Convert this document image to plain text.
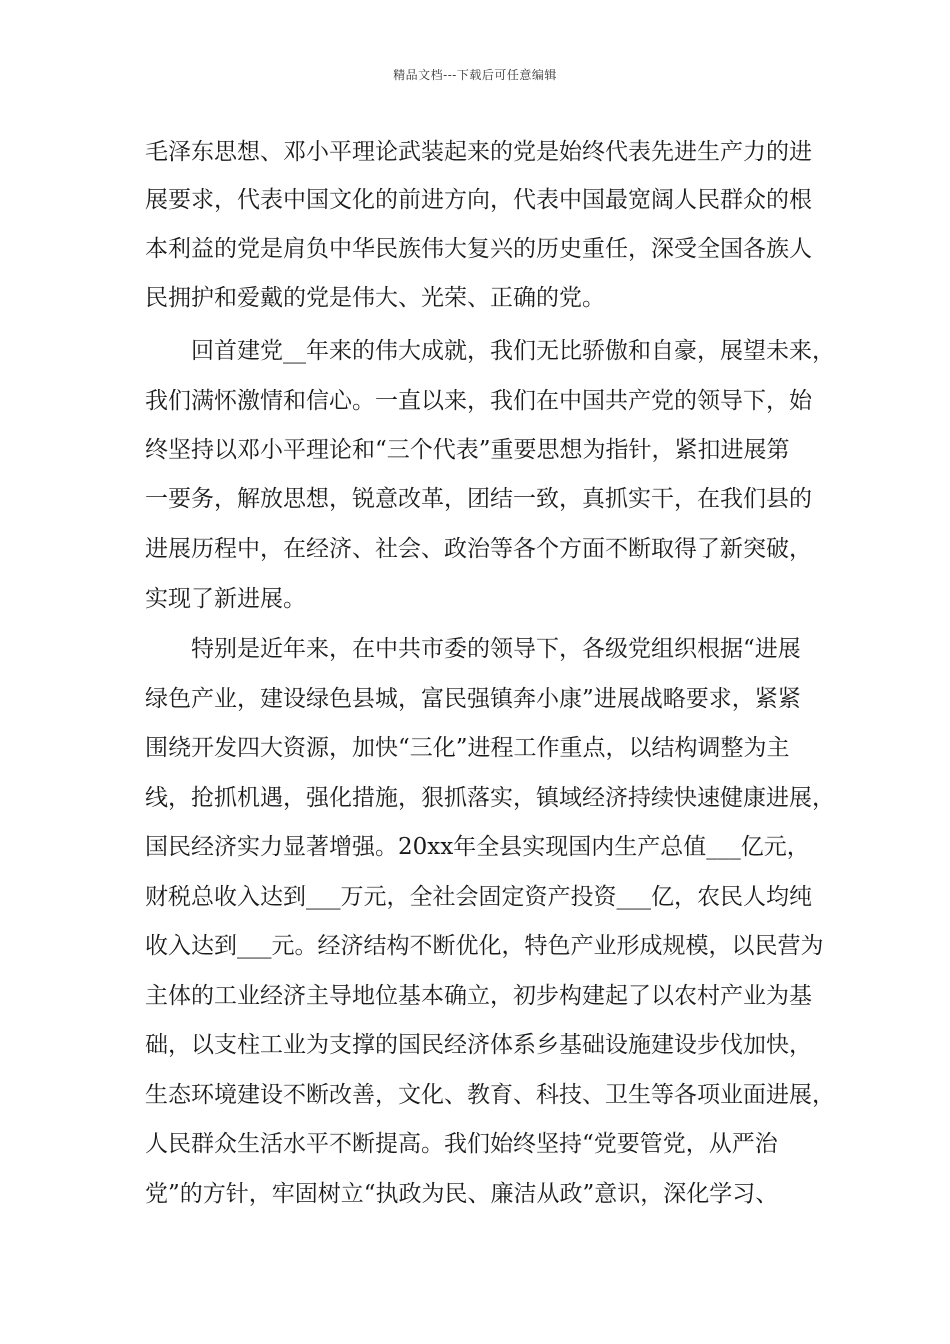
精品文档---下载后可任意编辑
毛泽东思想、邓小平理论武装起来的党是始终代表先进生产力的进
展要求，代表中国文化的前进方向，代表中国最宽阔人民群众的根
本利益的党是肩负中华民族伟大复兴的历史重任，深受全国各族人
民拥护和爱戴的党是伟大、光荣、正确的党。
回首建党__年来的伟大成就，我们无比骄傲和自豪，展望未来，
我们满怀激情和信心。一直以来，我们在中国共产党的领导下，始
终坚持以邓小平理论和“三个代表”重要思想为指针，紧扣进展第
一要务，解放思想，锐意改革，团结一致，真抓实干，在我们县的
进展历程中，在经济、社会、政治等各个方面不断取得了新突破，
实现了新进展。
特别是近年来，在中共市委的领导下，各级党组织根据“进展
绿色产业，建设绿色县城，富民强镇奔小康”进展战略要求，紧紧
围绕开发四大资源，加快“三化”进程工作重点，以结构调整为主
线，抢抓机遇，强化措施，狠抓落实，镇域经济持续快速健康进展，
国民经济实力显著增强。20xx年全县实现国内生产总值___亿元，
财税总收入达到___万元，全社会固定资产投资___亿，农民人均纯
收入达到___元。经济结构不断优化，特色产业形成规模，以民营为
主体的工业经济主导地位基本确立，初步构建起了以农村产业为基
础，以支柱工业为支撑的国民经济体系乡基础设施建设步伐加快，
生态环境建设不断改善，文化、教育、科技、卫生等各项业面进展，
人民群众生活水平不断提高。我们始终坚持“党要管党，从严治
党”的方针，牢固树立“执政为民、廉洁从政”意识，深化学习、
